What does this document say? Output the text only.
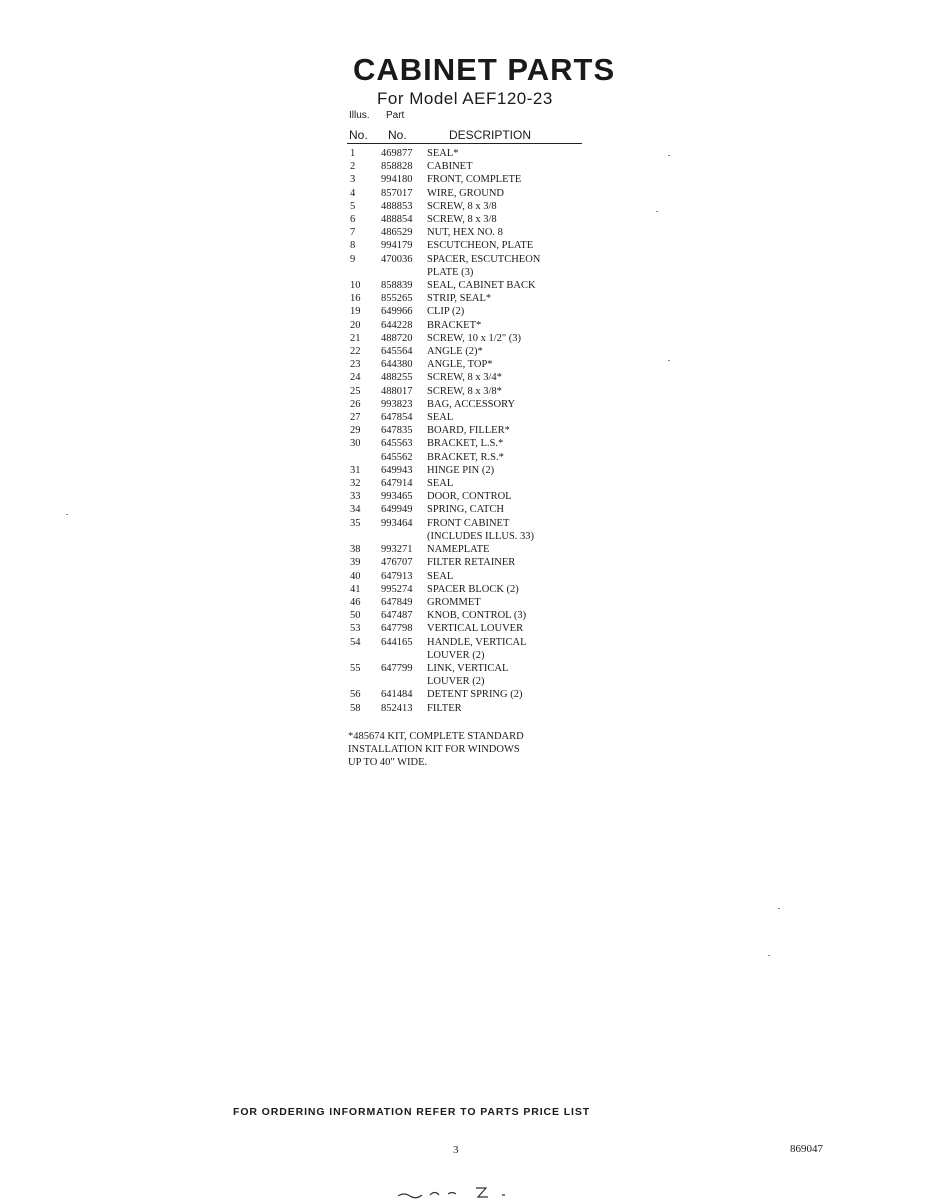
CABINET PARTS
For Model AEF120-23
Illus. Part
No. No.	DESCRIPTION
1	469877	SEAL*
2	858828	CABINET
3	994180	FRONT, COMPLETE
4	857017	WIRE, GROUND
5	488853	SCREW, 8 x 3/8
6	488854	SCREW, 8 x 3/8
7	486529	NUT, HEX NO. 8
8	994179	ESCUTCHEON, PLATE
9	470036	SPACER, ESCUTCHEON
PLATE (3)
10	858839	SEAL, CABINET BACK
16	855265	STRIP, SEAL*
19	649966	CLIP (2)
20	644228	BRACKET*
21	488720	SCREW, 10 x 1/2" (3)
22	645564	ANGLE (2)*
23	644380	ANGLE, TOP*
24	488255	SCREW, 8 x 3/4*
25	488017	SCREW, 8 x 3/8*
26	993823	BAG, ACCESSORY
27	647854	SEAL
29	647835	BOARD, FILLER*
30	645563	BRACKET, L.S.*
645562	BRACKET, R.S.*
31	649943	HINGE PIN (2)
32	647914	SEAL
33	993465	DOOR, CONTROL
34	649949	SPRING, CATCH
35	993464	FRONT CABINET
(INCLUDES ILLUS. 33)
38	993271	NAMEPLATE
39	476707	FILTER RETAINER
40	647913	SEAL
41	995274	SPACER BLOCK (2)
46	647849	GROMMET
50	647487	KNOB, CONTROL (3)
53	647798	VERTICAL LOUVER
54	644165	HANDLE, VERTICAL
LOUVER (2)
55	647799	LINK, VERTICAL
LOUVER (2)
56	641484	DETENT SPRING (2)
58	852413	FILTER
*485674 KIT, COMPLETE STANDARD
INSTALLATION KIT FOR WINDOWS
UP TO 40" WIDE.
FOR ORDERING INFORMATION REFER TO PARTS PRICE LIST
3	869047
